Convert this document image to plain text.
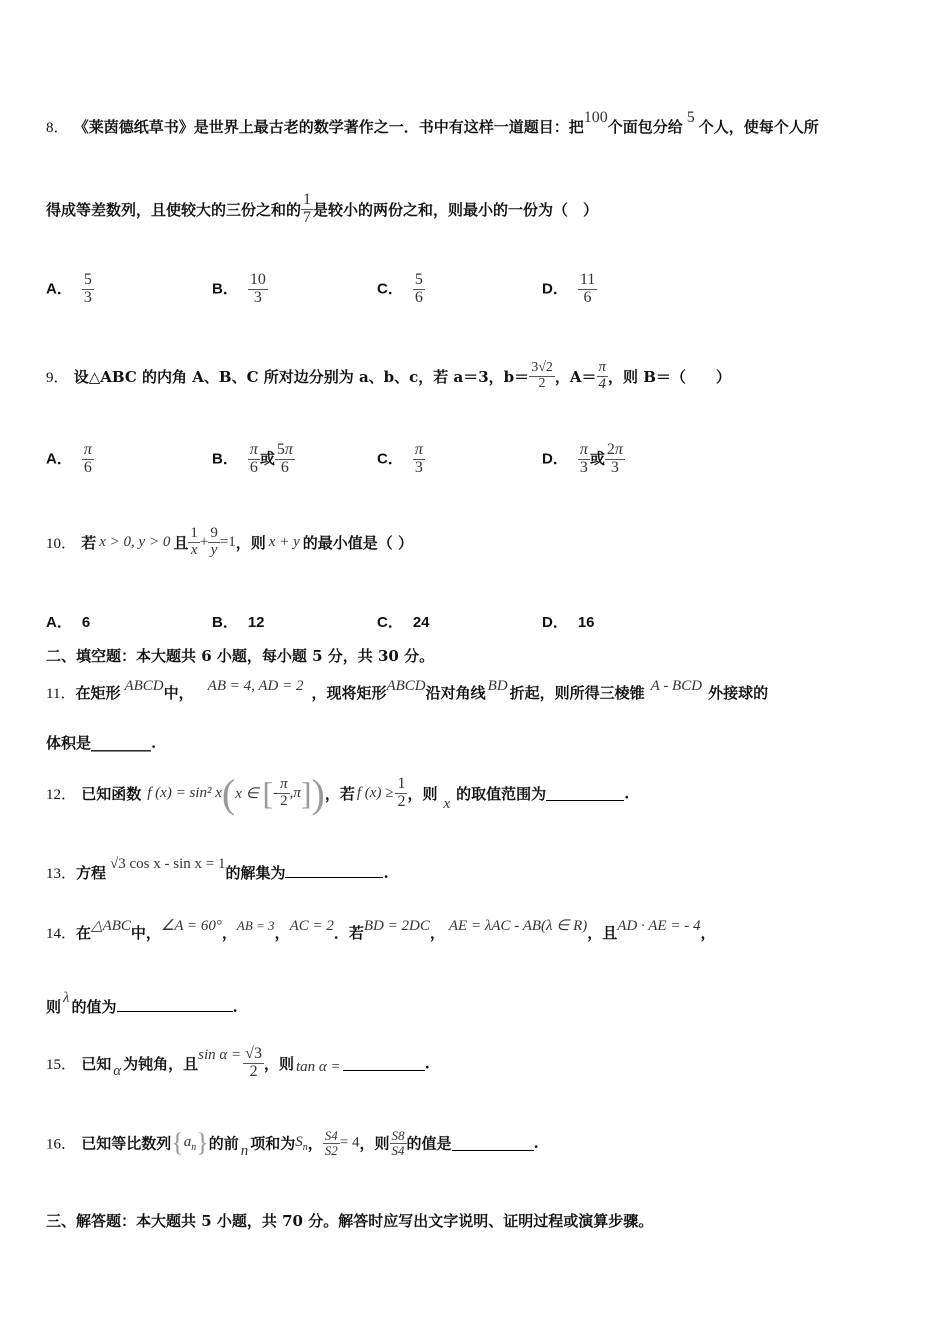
8． 《莱茵德纸草书》是世界上最古老的数学著作之一．书中有这样一道题目：把100个面包分给5个人，使每个人所
得成等差数列，且使较大的三份之和的 $\frac{1}{7}$ 是较小的两份之和，则最小的一份为（　）
A． $\frac{5}{3}$	B． $\frac{10}{3}$	C． $\frac{5}{6}$	D． $\frac{11}{6}$
9． 设△ABC 的内角 A、B、C 所对边分别为 a、b、c，若 a＝3，$b= \frac{3√2}{2}$ ，$A= \frac{\pi}{4}$ ，则 B＝（　　）
A． $\frac{\pi}{6}$	B． $\frac{\pi}{6}$ 或 $\frac{5\pi}{6}$	C． $\frac{\pi}{3}$	D． $\frac{\pi}{3}$ 或 $\frac{2\pi}{3}$
10． 若 x > 0, y > 0 且 $\frac{1}{x} + \frac{9}{y} =1$，则 x + y 的最小值是（ ）
A． 6	B． 12	C． 24	D． 16
二、填空题：本大题共 6 小题，每小题 5 分，共 30 分。
11．在矩形 ABCD中， AB = 4, AD = 2 ，现将矩形ABCD沿对角线 BD 折起，则所得三棱锥 A - BCD 外接球的
体积是________.
12． 已知函数 f (x) = sin² x(x ∈ [- $\frac{\pi}{2} ,\pi$])，若 f $(x) \ge \frac{1}{2}$ ，则x的取值范围为	.
13．方程 √3 cos x - sin x = 1的解集为	.
14．在△ABC中，∠A = 60°，AB = 3，AC = 2．若BD = 2DC， AE = λAC - AB(λ ∈ R)，且AD · AE = - 4，
则 λ 的值为	.
15． 已知 α 为钝角，且$\sin \alpha = \frac{√3}{2}$ ，则 tan α =	.
16． 已知等比数列$\{a_n\}$的前 n 项和为$S_n$， $\frac{S4}{S2} = 4$，则 $\frac{S8}{S4}$ 的值是	.
三、解答题：本大题共 5 小题，共 70 分。解答时应写出文字说明、证明过程或演算步骤。
